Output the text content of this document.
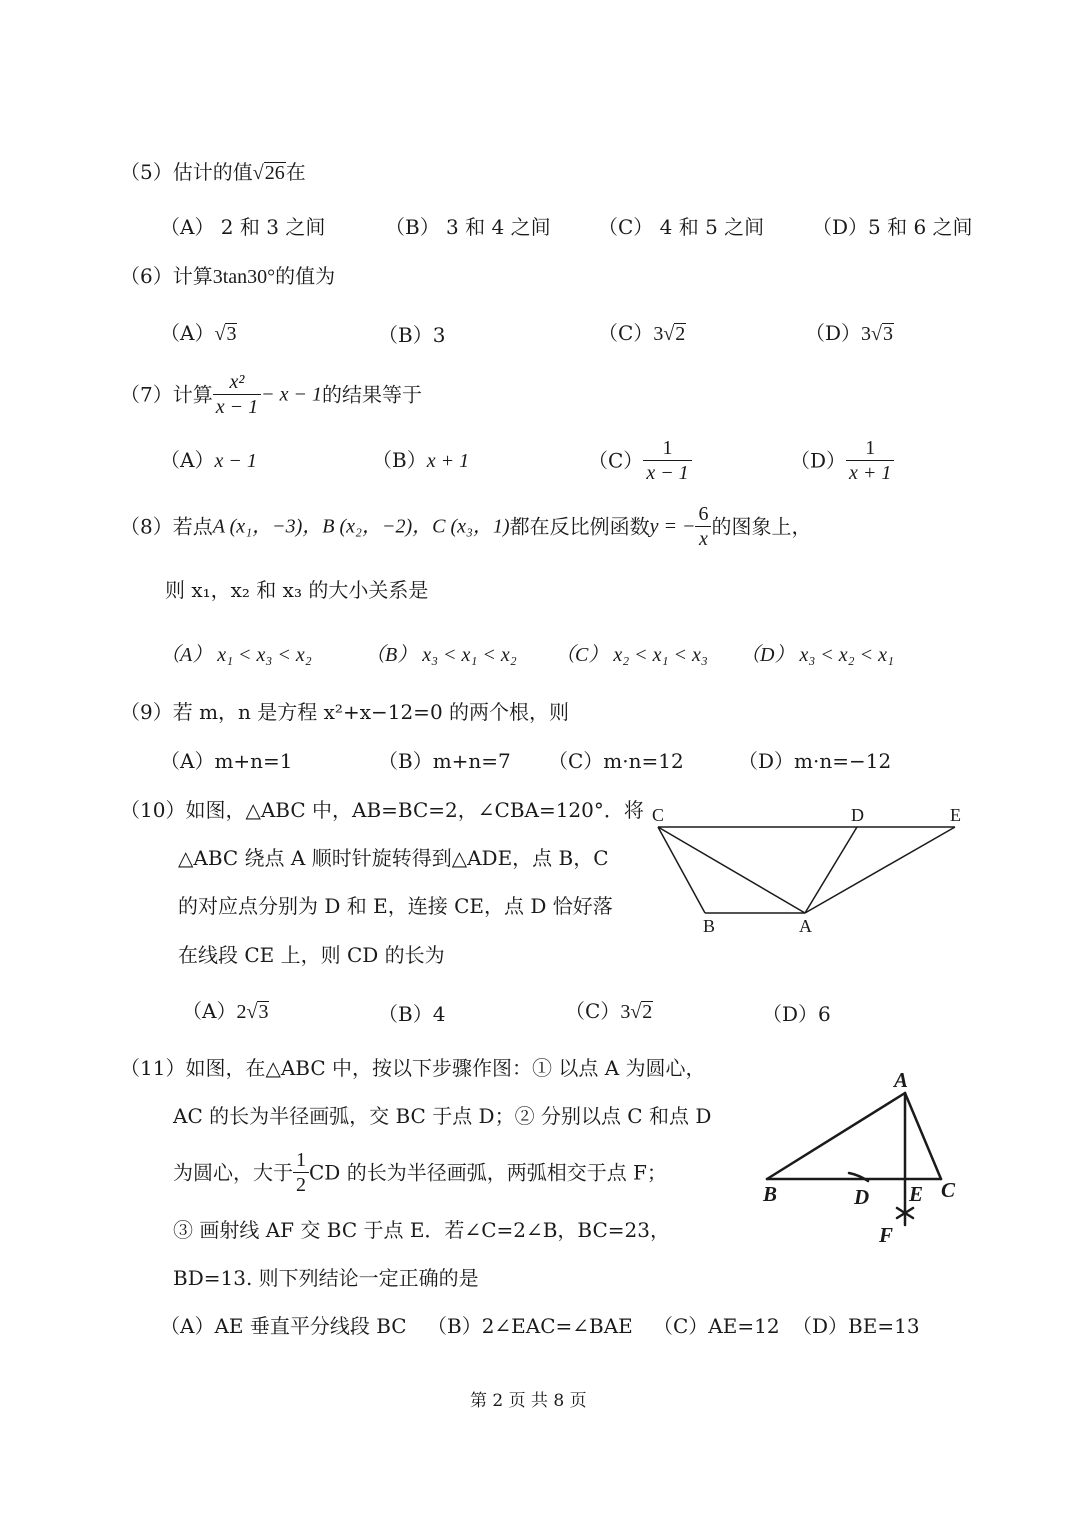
（5）估计的值√26在
（A） 2 和 3 之间	（B） 3 和 4 之间 （C） 4 和 5 之间 （D）5 和 6 之间
（6）计算3tan30°的值为
（A）√3	（B）3	（C）3√2	（D）3√3
（7）计算 $\frac{\text{x²}}{x - 1} - x - 1$的结果等于
（A）x − 1	（B）x + 1	$(C) \frac{1}{x - 1}$	$(D) \frac{1}{x + 1}$
（8）若点A (x₁，−3)，B (x₂，−2)，C (x₃，1)都在反比例函数y = − $\frac{6}{x}$ 的图象上，
则 x₁，x₂ 和 x₃ 的大小关系是
（A） x₁ < x₃ < x₂	（B） x₃ < x₁ < x₂ （C） x₂ < x₁ < x₃ （D） x₃ < x₂ < x₁
（9）若 m，n 是方程 x²+x−12=0 的两个根，则
（A）m+n=1	（B）m+n=7 （C）m·n=12	（D）m·n=−12
（10）如图，△ABC 中，AB=BC=2，∠CBA=120°．将
△ABC 绕点 A 顺时针旋转得到△ADE，点 B，C
的对应点分别为 D 和 E，连接 CE，点 D 恰好落
在线段 CE 上，则 CD 的长为
C	D	E
B	A
（A）2√3	（B）4	（C）3√2	（D）6
（11）如图，在△ABC 中，按以下步骤作图：① 以点 A 为圆心，
AC 的长为半径画弧，交 BC 于点 D；② 分别以点 C 和点 D
为圆心，大于 $\frac{1}{2}$ CD 的长为半径画弧，两弧相交于点 F；
③ 画射线 AF 交 BC 于点 E．若∠C=2∠B，BC=23，
BD=13. 则下列结论一定正确的是
A
B	D E C
F
（A）AE 垂直平分线段 BC （B）2∠EAC=∠BAE （C）AE=12 （D）BE=13
第 2 页 共 8 页
